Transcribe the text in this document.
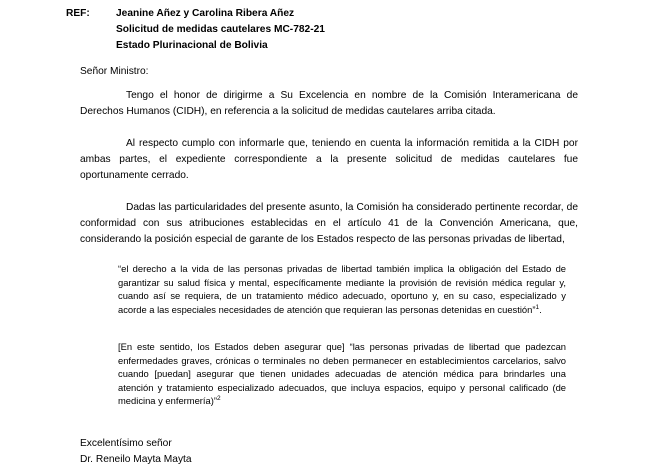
REF:	Jeanine Añez y Carolina Ribera Añez
Solicitud de medidas cautelares MC-782-21
Estado Plurinacional de Bolivia

Señor Ministro:

Tengo el honor de dirigirme a Su Excelencia en nombre de la Comisión Interamericana de Derechos Humanos (CIDH), en referencia a la solicitud de medidas cautelares arriba citada.

Al respecto cumplo con informarle que, teniendo en cuenta la información remitida a la CIDH por ambas partes, el expediente correspondiente a la presente solicitud de medidas cautelares fue oportunamente cerrado.

Dadas las particularidades del presente asunto, la Comisión ha considerado pertinente recordar, de conformidad con sus atribuciones establecidas en el artículo 41 de la Convención Americana, que, considerando la posición especial de garante de los Estados respecto de las personas privadas de libertad,

“el derecho a la vida de las personas privadas de libertad también implica la obligación del Estado de garantizar su salud física y mental, específicamente mediante la provisión de revisión médica regular y, cuando así se requiera, de un tratamiento médico adecuado, oportuno y, en su caso, especializado y acorde a las especiales necesidades de atención que requieran las personas detenidas en cuestión”$^1$.

[En este sentido, los Estados deben asegurar que] “las personas privadas de libertad que padezcan enfermedades graves, crónicas o terminales no deben permanecer en establecimientos carcelarios, salvo cuando [puedan] asegurar que tienen unidades adecuadas de atención médica para brindarles una atención y tratamiento especializado adecuados, que incluya espacios, equipo y personal calificado (de medicina y enfermería)”$^2$

Excelentísimo señor
Dr. Reneilo Mayta Mayta
